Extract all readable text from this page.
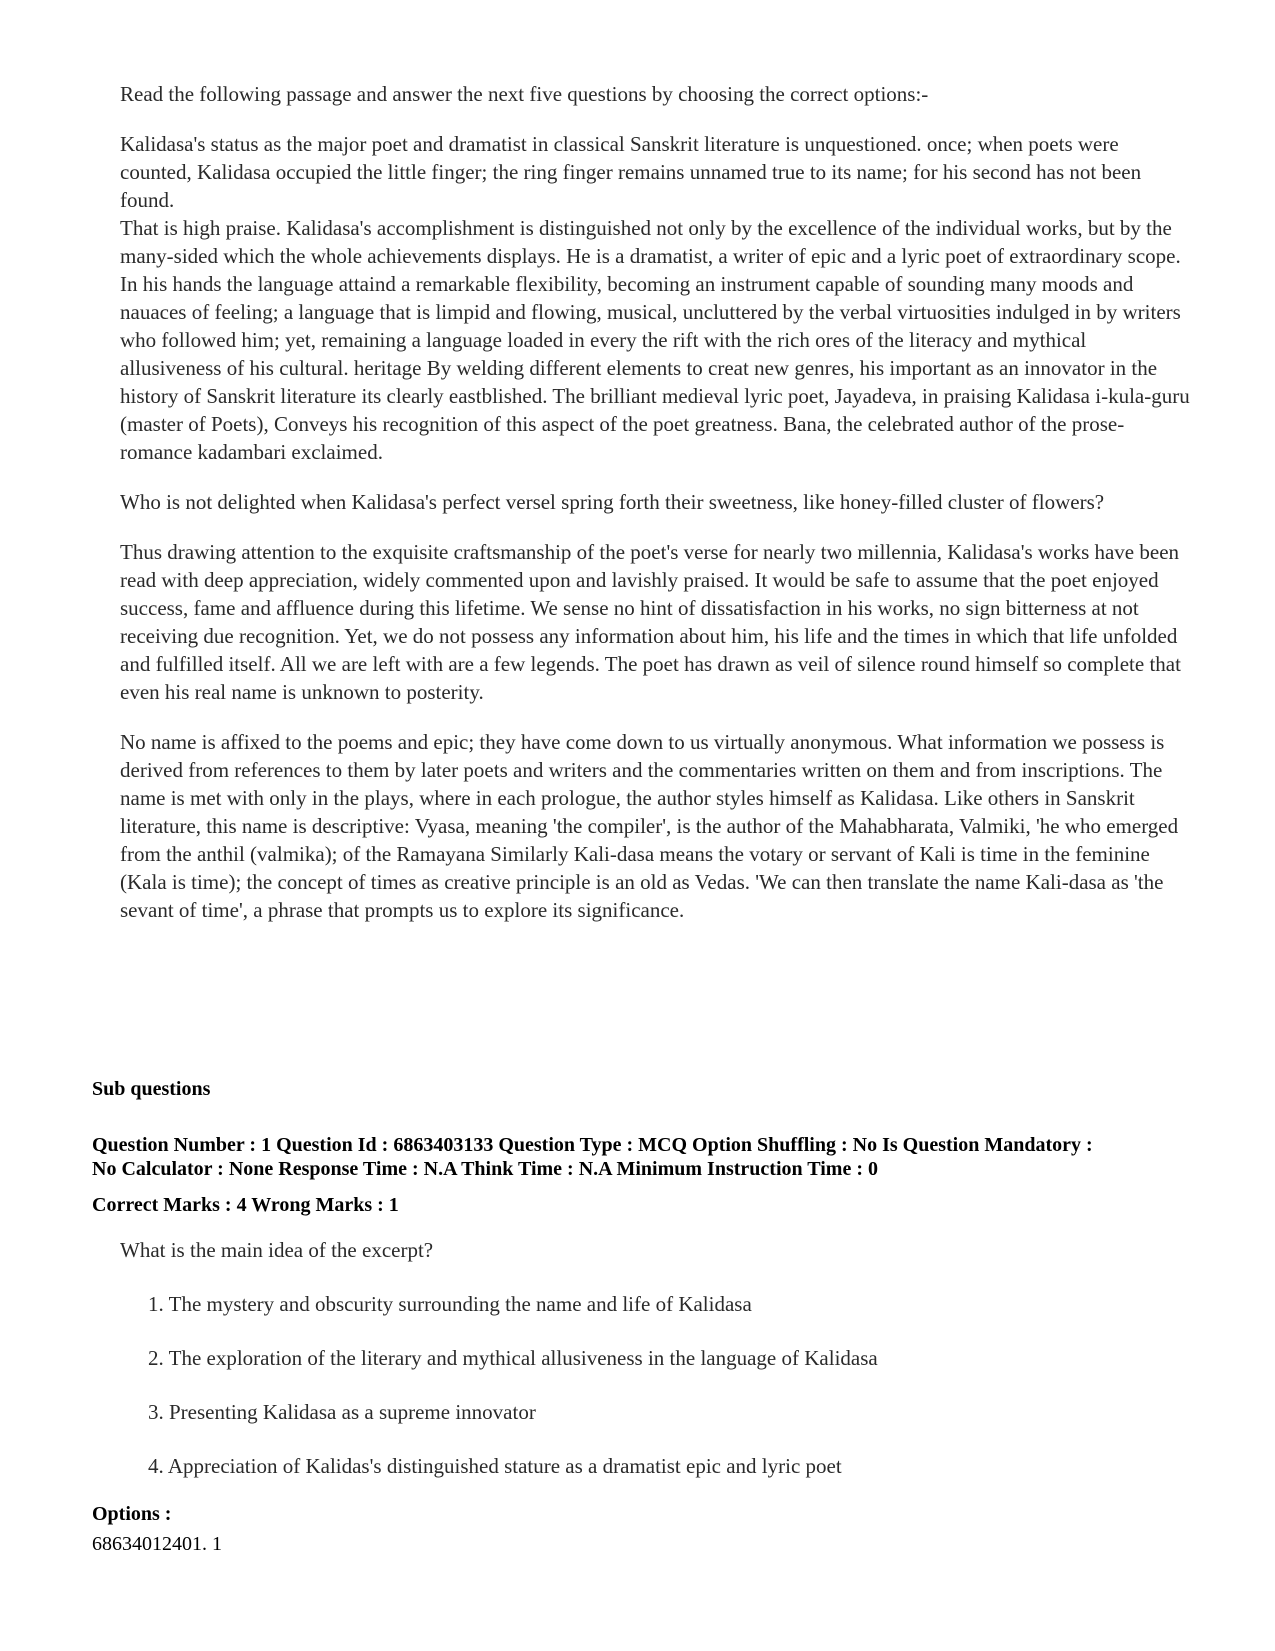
Read the following passage and answer the next five questions by choosing the correct options:-

Kalidasa's status as the major poet and dramatist in classical Sanskrit literature is unquestioned. once; when poets were counted, Kalidasa occupied the little finger; the ring finger remains unnamed true to its name; for his second has not been found.

That is high praise. Kalidasa's accomplishment is distinguished not only by the excellence of the individual works, but by the many-sided which the whole achievements displays. He is a dramatist, a writer of epic and a lyric poet of extraordinary scope. In his hands the language attaind a remarkable flexibility, becoming an instrument capable of sounding many moods and nauaces of feeling; a language that is limpid and flowing, musical, uncluttered by the verbal virtuosities indulged in by writers who followed him; yet, remaining a language loaded in every the rift with the rich ores of the literacy and mythical allusiveness of his cultural. heritage By welding different elements to creat new genres, his important as an innovator in the history of Sanskrit literature its clearly eastblished. The brilliant medieval lyric poet, Jayadeva, in praising Kalidasa i-kula-guru (master of Poets), Conveys his recognition of this aspect of the poet greatness. Bana, the celebrated author of the prose-romance kadambari exclaimed.

Who is not delighted when Kalidasa's perfect versel spring forth their sweetness, like honey-filled cluster of flowers?

Thus drawing attention to the exquisite craftsmanship of the poet's verse for nearly two millennia, Kalidasa's works have been read with deep appreciation, widely commented upon and lavishly praised. It would be safe to assume that the poet enjoyed success, fame and affluence during this lifetime. We sense no hint of dissatisfaction in his works, no sign bitterness at not receiving due recognition. Yet, we do not possess any information about him, his life and the times in which that life unfolded and fulfilled itself. All we are left with are a few legends. The poet has drawn as veil of silence round himself so complete that even his real name is unknown to posterity.

No name is affixed to the poems and epic; they have come down to us virtually anonymous. What information we possess is derived from references to them by later poets and writers and the commentaries written on them and from inscriptions. The name is met with only in the plays, where in each prologue, the author styles himself as Kalidasa. Like others in Sanskrit literature, this name is descriptive: Vyasa, meaning 'the compiler', is the author of the Mahabharata, Valmiki, 'he who emerged from the anthil (valmika); of the Ramayana Similarly Kali-dasa means the votary or servant of Kali is time in the feminine (Kala is time); the concept of times as creative principle is an old as Vedas. 'We can then translate the name Kali-dasa as 'the sevant of time', a phrase that prompts us to explore its significance.

Sub questions
Question Number : 1 Question Id : 6863403133 Question Type : MCQ Option Shuffling : No Is Question Mandatory :
No Calculator : None Response Time : N.A Think Time : N.A Minimum Instruction Time : 0
Correct Marks : 4 Wrong Marks : 1
What is the main idea of the excerpt?
1. The mystery and obscurity surrounding the name and life of Kalidasa
2. The exploration of the literary and mythical allusiveness in the language of Kalidasa
3. Presenting Kalidasa as a supreme innovator
4. Appreciation of Kalidas's distinguished stature as a dramatist epic and lyric poet
Options :
68634012401. 1
